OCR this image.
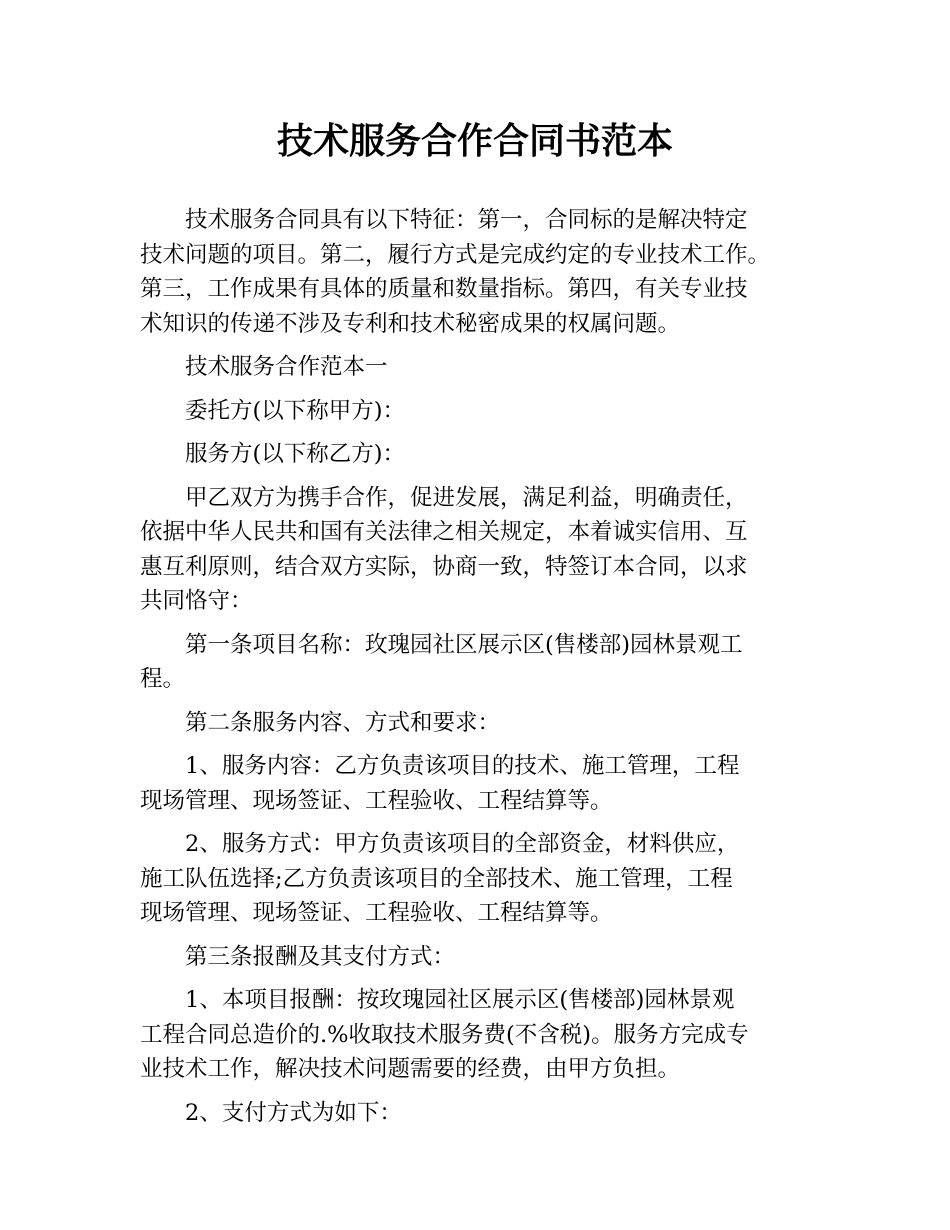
技术服务合作合同书范本

技术服务合同具有以下特征：第一，合同标的是解决特定
技术问题的项目。第二，履行方式是完成约定的专业技术工作。
第三，工作成果有具体的质量和数量指标。第四，有关专业技
术知识的传递不涉及专利和技术秘密成果的权属问题。

技术服务合作范本一

委托方(以下称甲方)：

服务方(以下称乙方)：

甲乙双方为携手合作，促进发展，满足利益，明确责任，
依据中华人民共和国有关法律之相关规定，本着诚实信用、互
惠互利原则，结合双方实际，协商一致，特签订本合同，以求
共同恪守：

第一条项目名称：玫瑰园社区展示区(售楼部)园林景观工
程。

第二条服务内容、方式和要求：

1、服务内容：乙方负责该项目的技术、施工管理，工程
现场管理、现场签证、工程验收、工程结算等。

2、服务方式：甲方负责该项目的全部资金，材料供应，
施工队伍选择;乙方负责该项目的全部技术、施工管理，工程
现场管理、现场签证、工程验收、工程结算等。

第三条报酬及其支付方式：

1、本项目报酬：按玫瑰园社区展示区(售楼部)园林景观
工程合同总造价的.%收取技术服务费(不含税)。服务方完成专
业技术工作，解决技术问题需要的经费，由甲方负担。

2、支付方式为如下：
